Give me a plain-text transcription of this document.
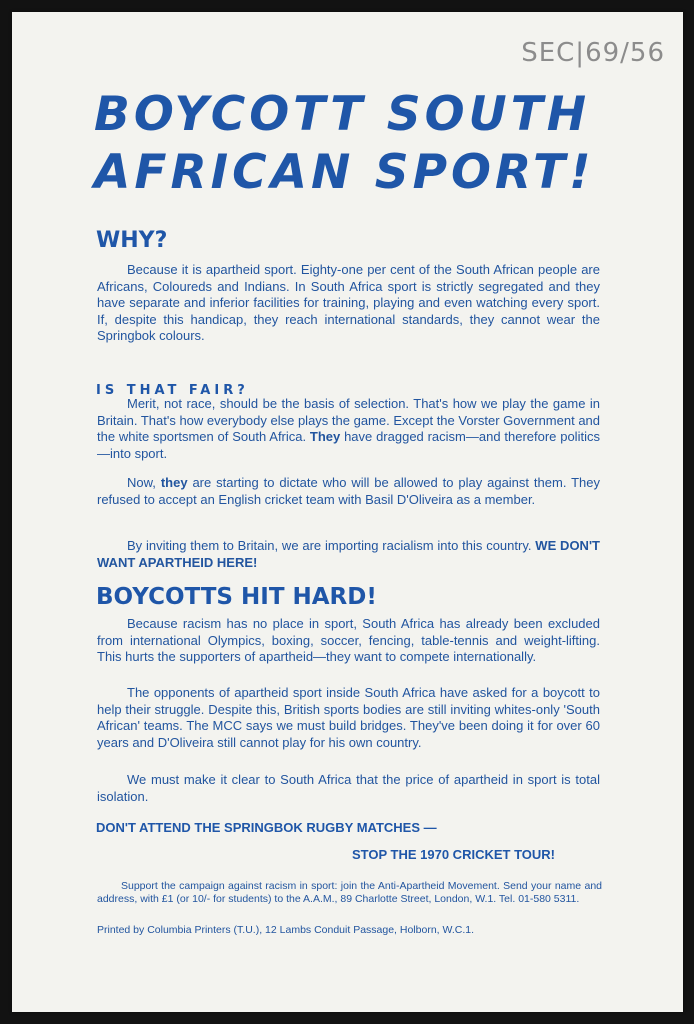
SEC|69/56
BOYCOTT SOUTH AFRICAN SPORT!
WHY?

Because it is apartheid sport. Eighty-one per cent of the South African people are Africans, Coloureds and Indians. In South Africa sport is strictly segregated and they have separate and inferior facilities for training, playing and even watching every sport. If, despite this handicap, they reach international standards, they cannot wear the Springbok colours.

IS THAT FAIR?

Merit, not race, should be the basis of selection. That's how we play the game in Britain. That's how everybody else plays the game. Except the Vorster Government and the white sportsmen of South Africa. They have dragged racism—and therefore politics—into sport.

Now, they are starting to dictate who will be allowed to play against them. They refused to accept an English cricket team with Basil D'Oliveira as a member.

By inviting them to Britain, we are importing racialism into this country. WE DON'T WANT APARTHEID HERE!

BOYCOTTS HIT HARD!

Because racism has no place in sport, South Africa has already been excluded from international Olympics, boxing, soccer, fencing, table-tennis and weight-lifting. This hurts the supporters of apartheid—they want to compete internationally.

The opponents of apartheid sport inside South Africa have asked for a boycott to help their struggle. Despite this, British sports bodies are still inviting whites-only 'South African' teams. The MCC says we must build bridges. They've been doing it for over 60 years and D'Oliveira still cannot play for his own country.

We must make it clear to South Africa that the price of apartheid in sport is total isolation.

DON'T ATTEND THE SPRINGBOK RUGBY MATCHES —

STOP THE 1970 CRICKET TOUR!

Support the campaign against racism in sport: join the Anti-Apartheid Movement. Send your name and address, with £1 (or 10/- for students) to the A.A.M., 89 Charlotte Street, London, W.1. Tel. 01-580 5311.

Printed by Columbia Printers (T.U.), 12 Lambs Conduit Passage, Holborn, W.C.1.
